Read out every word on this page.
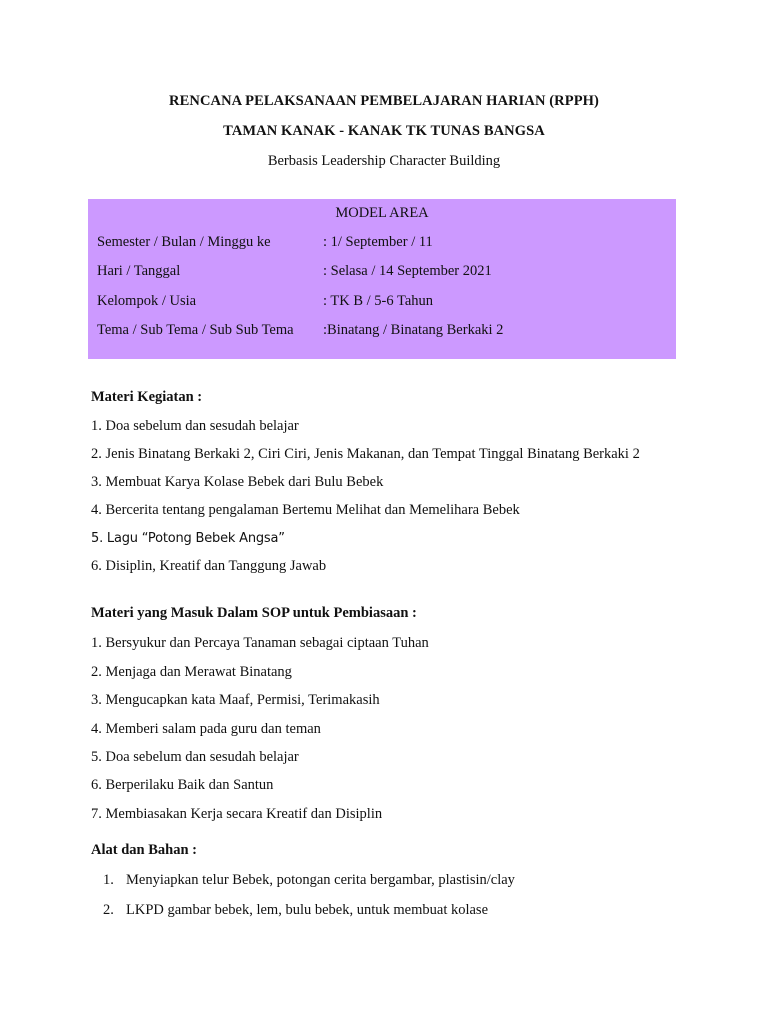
RENCANA PELAKSANAAN PEMBELAJARAN HARIAN (RPPH)
TAMAN KANAK - KANAK TK TUNAS BANGSA
Berbasis Leadership Character Building
MODEL AREA
Semester / Bulan / Minggu ke	: 1/ September / 11
Hari / Tanggal	: Selasa / 14 September 2021
Kelompok / Usia	: TK B / 5-6 Tahun
Tema / Sub Tema / Sub Sub Tema :Binatang / Binatang Berkaki 2
Materi Kegiatan :
1. Doa sebelum dan sesudah belajar
2. Jenis Binatang Berkaki 2, Ciri Ciri, Jenis Makanan, dan Tempat Tinggal Binatang Berkaki 2
3. Membuat Karya Kolase Bebek dari Bulu Bebek
4. Bercerita tentang pengalaman Bertemu Melihat dan Memelihara Bebek
5. Lagu “Potong Bebek Angsa”
6. Disiplin, Kreatif dan Tanggung Jawab
Materi yang Masuk Dalam SOP untuk Pembiasaan :
1. Bersyukur dan Percaya Tanaman sebagai ciptaan Tuhan
2. Menjaga dan Merawat Binatang
3. Mengucapkan kata Maaf, Permisi, Terimakasih
4. Memberi salam pada guru dan teman
5. Doa sebelum dan sesudah belajar
6. Berperilaku Baik dan Santun
7. Membiasakan Kerja secara Kreatif dan Disiplin
Alat dan Bahan :
1. Menyiapkan telur Bebek, potongan cerita bergambar, plastisin/clay
2. LKPD gambar bebek, lem, bulu bebek, untuk membuat kolase
